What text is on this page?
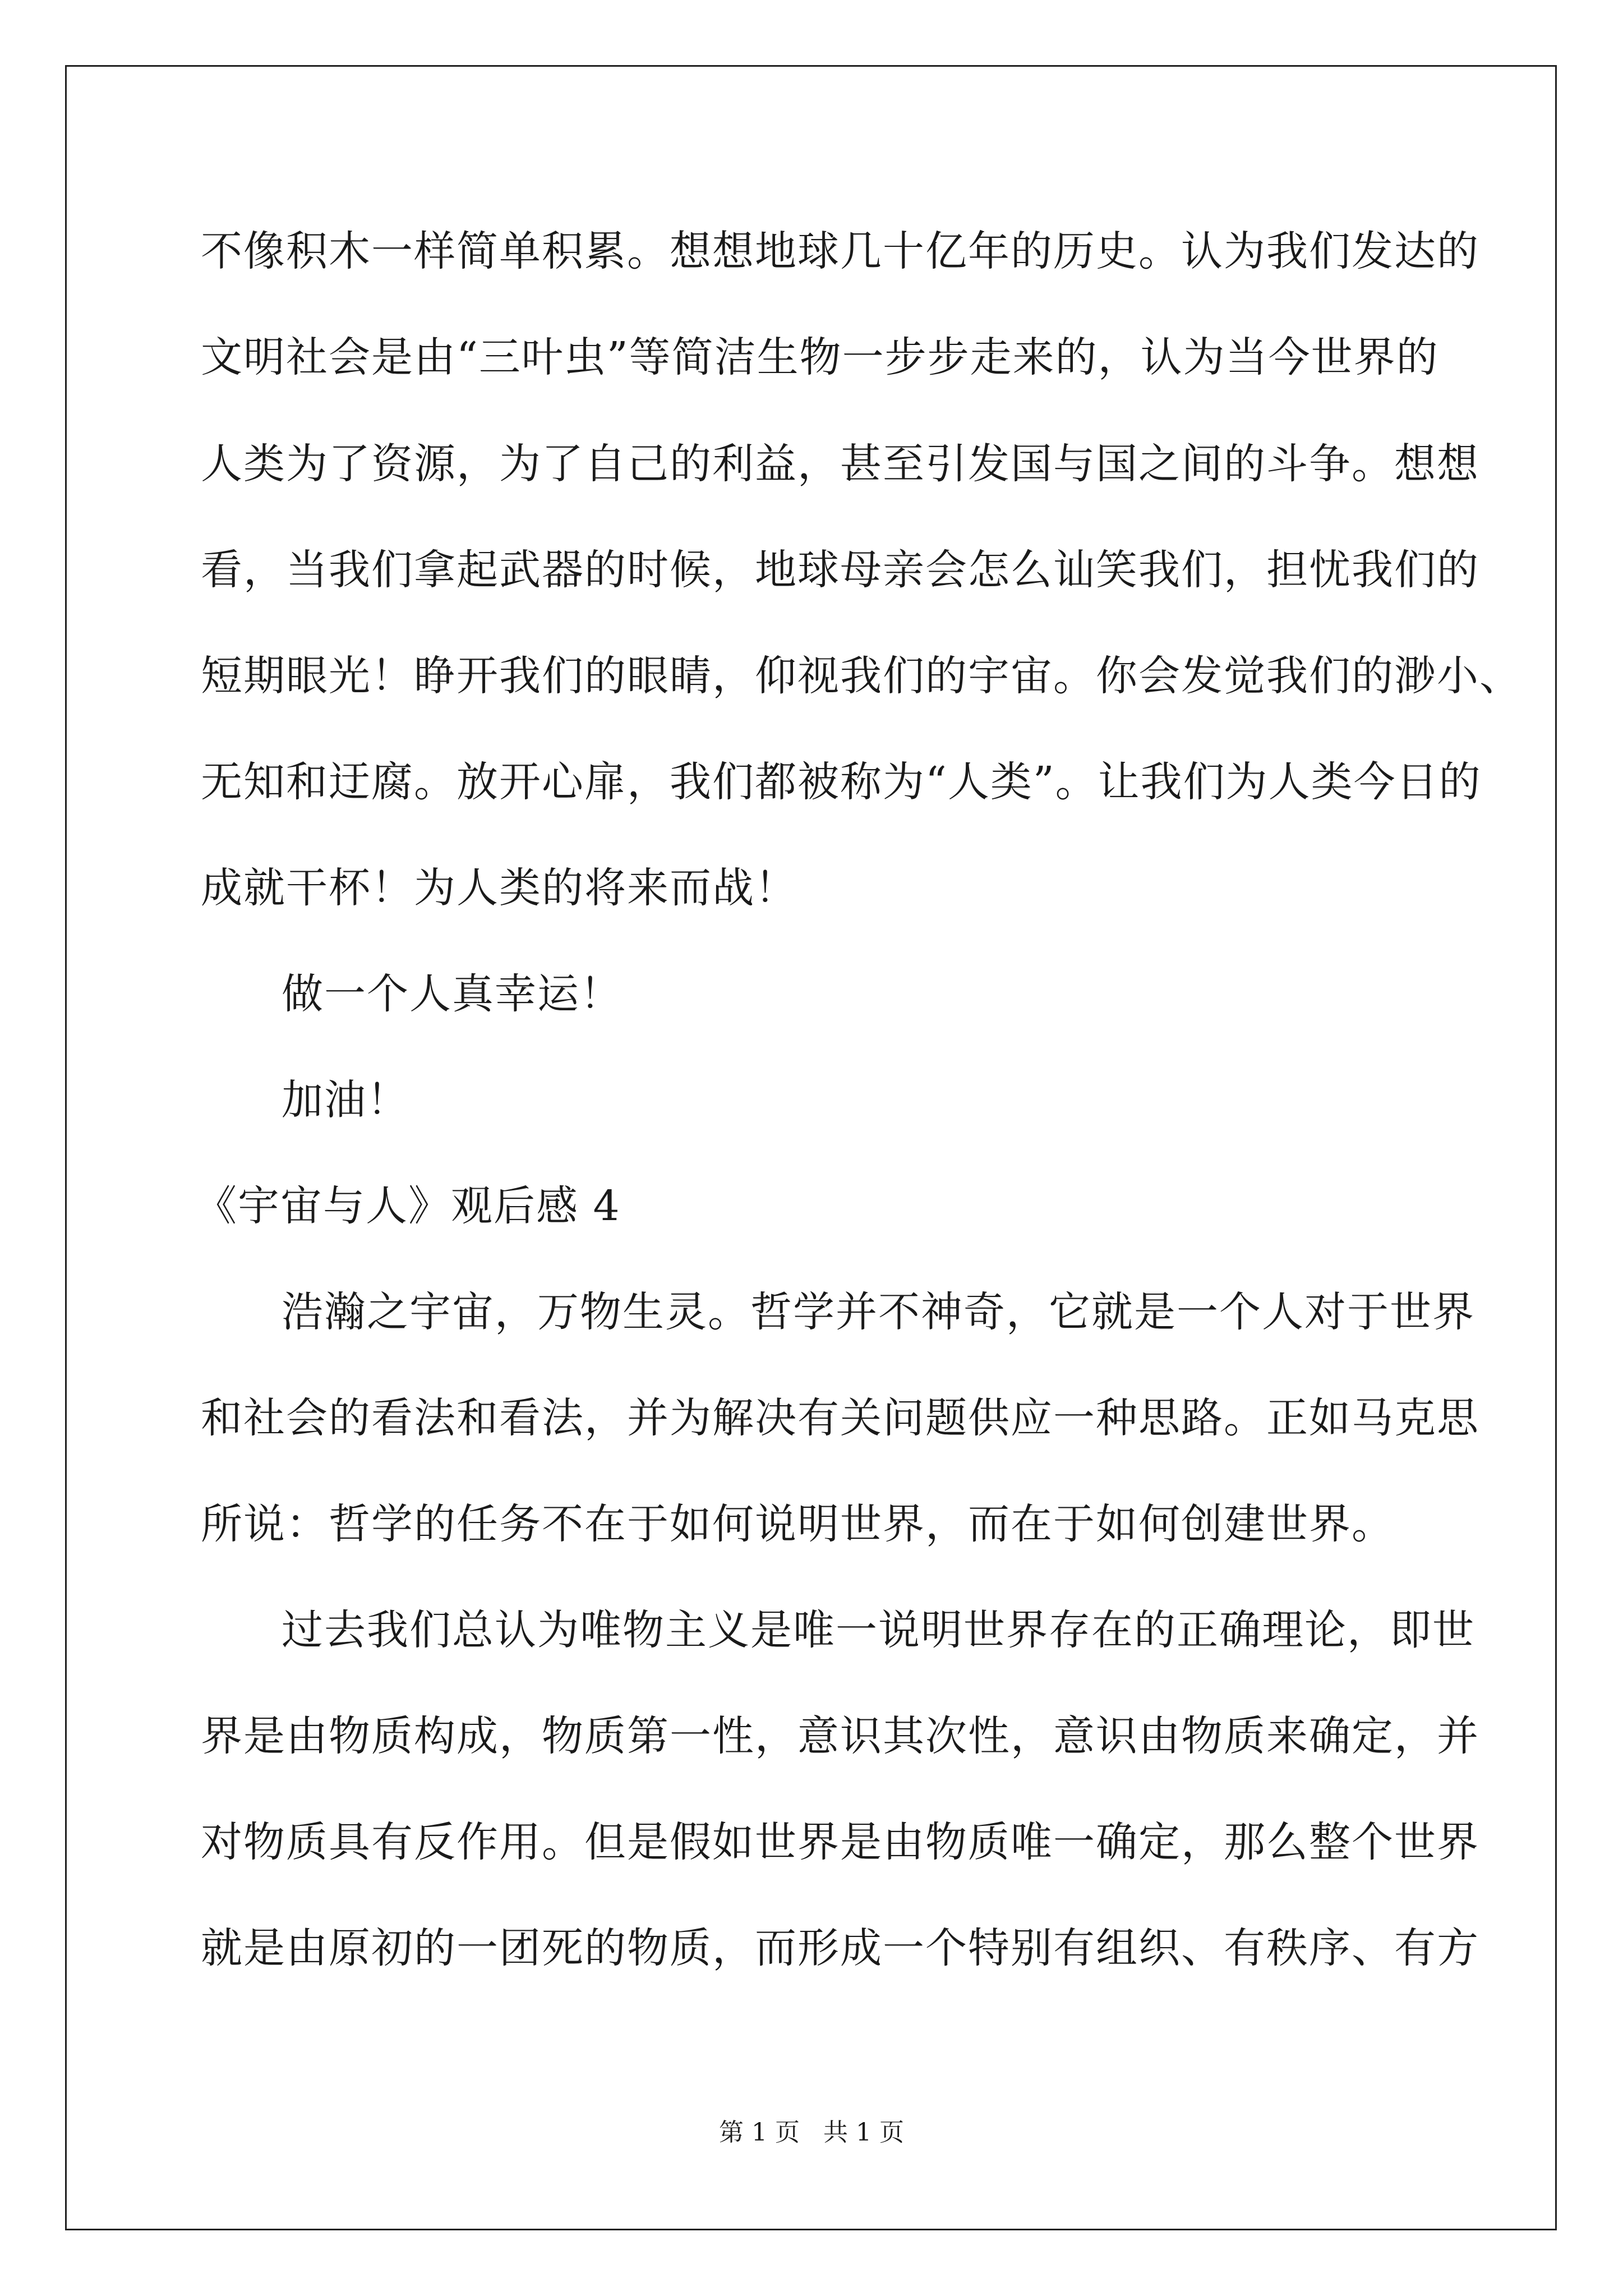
不像积木一样简单积累。想想地球几十亿年的历史。认为我们发达的
文明社会是由“三叶虫”等简洁生物一步步走来的，认为当今世界的
人类为了资源，为了自己的利益，甚至引发国与国之间的斗争。想想
看，当我们拿起武器的时候，地球母亲会怎么讪笑我们，担忧我们的
短期眼光！睁开我们的眼睛，仰视我们的宇宙。你会发觉我们的渺小、
无知和迂腐。放开心扉，我们都被称为“人类”。让我们为人类今日的
成就干杯！为人类的将来而战！
做一个人真幸运！
加油！
《宇宙与人》观后感 4
浩瀚之宇宙，万物生灵。哲学并不神奇，它就是一个人对于世界
和社会的看法和看法，并为解决有关问题供应一种思路。正如马克思
所说：哲学的任务不在于如何说明世界，而在于如何创建世界。
过去我们总认为唯物主义是唯一说明世界存在的正确理论，即世
界是由物质构成，物质第一性，意识其次性，意识由物质来确定，并
对物质具有反作用。但是假如世界是由物质唯一确定，那么整个世界
就是由原初的一团死的物质，而形成一个特别有组织、有秩序、有方
第 1 页   共 1 页
